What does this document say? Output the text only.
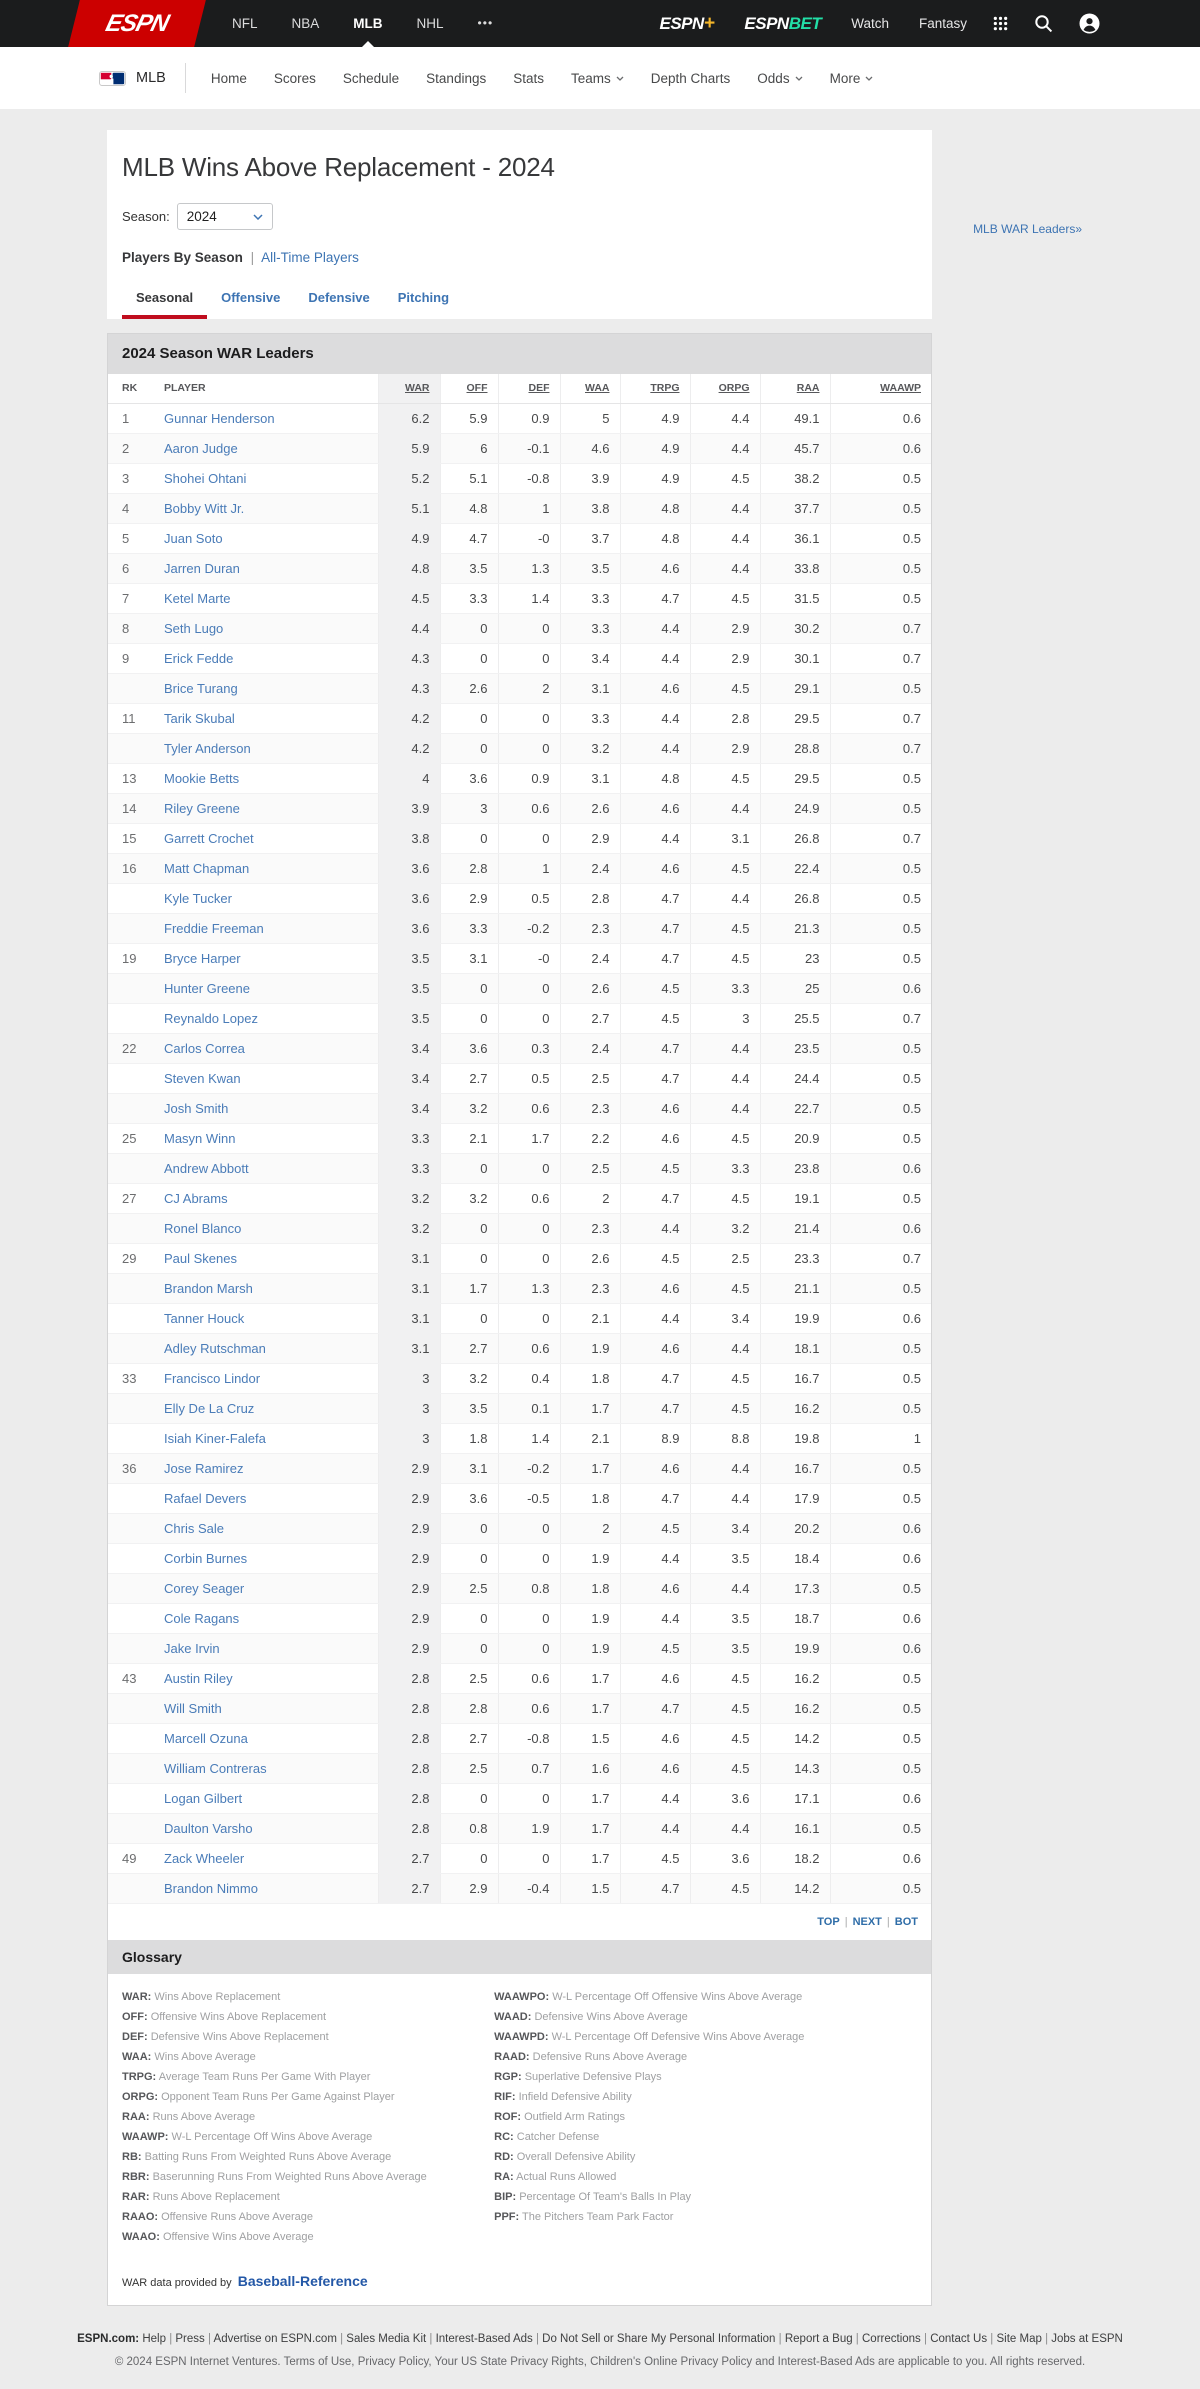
ESPN	NFL	NBA	MLB	NHL	•••	ESPN+ ESPNBET Watch Fantasy
MLB	Home Scores Schedule Standings Stats Teams	Depth Charts Odds	More
MLB WAR Leaders»
MLB Wins Above Replacement - 2024
Season: 2024
Players By Season | All-Time Players
Seasonal	Offensive	Defensive	Pitching
2024 Season WAR Leaders
RK	PLAYER	WAR	OFF	DEF	WAA	TRPG	ORPG	RAA	WAAWP
1	Gunnar Henderson	6.2	5.9	0.9	5	4.9	4.4	49.1	0.6
2	Aaron Judge	5.9	6	-0.1	4.6	4.9	4.4	45.7	0.6
3	Shohei Ohtani	5.2	5.1	-0.8	3.9	4.9	4.5	38.2	0.5
4	Bobby Witt Jr.	5.1	4.8	1	3.8	4.8	4.4	37.7	0.5
5	Juan Soto	4.9	4.7	-0	3.7	4.8	4.4	36.1	0.5
6	Jarren Duran	4.8	3.5	1.3	3.5	4.6	4.4	33.8	0.5
7	Ketel Marte	4.5	3.3	1.4	3.3	4.7	4.5	31.5	0.5
8	Seth Lugo	4.4	0	0	3.3	4.4	2.9	30.2	0.7
9	Erick Fedde	4.3	0	0	3.4	4.4	2.9	30.1	0.7
	Brice Turang	4.3	2.6	2	3.1	4.6	4.5	29.1	0.5
11	Tarik Skubal	4.2	0	0	3.3	4.4	2.8	29.5	0.7
	Tyler Anderson	4.2	0	0	3.2	4.4	2.9	28.8	0.7
13	Mookie Betts	4	3.6	0.9	3.1	4.8	4.5	29.5	0.5
14	Riley Greene	3.9	3	0.6	2.6	4.6	4.4	24.9	0.5
15	Garrett Crochet	3.8	0	0	2.9	4.4	3.1	26.8	0.7
16	Matt Chapman	3.6	2.8	1	2.4	4.6	4.5	22.4	0.5
	Kyle Tucker	3.6	2.9	0.5	2.8	4.7	4.4	26.8	0.5
	Freddie Freeman	3.6	3.3	-0.2	2.3	4.7	4.5	21.3	0.5
19	Bryce Harper	3.5	3.1	-0	2.4	4.7	4.5	23	0.5
	Hunter Greene	3.5	0	0	2.6	4.5	3.3	25	0.6
	Reynaldo Lopez	3.5	0	0	2.7	4.5	3	25.5	0.7
22	Carlos Correa	3.4	3.6	0.3	2.4	4.7	4.4	23.5	0.5
	Steven Kwan	3.4	2.7	0.5	2.5	4.7	4.4	24.4	0.5
	Josh Smith	3.4	3.2	0.6	2.3	4.6	4.4	22.7	0.5
25	Masyn Winn	3.3	2.1	1.7	2.2	4.6	4.5	20.9	0.5
	Andrew Abbott	3.3	0	0	2.5	4.5	3.3	23.8	0.6
27	CJ Abrams	3.2	3.2	0.6	2	4.7	4.5	19.1	0.5
	Ronel Blanco	3.2	0	0	2.3	4.4	3.2	21.4	0.6
29	Paul Skenes	3.1	0	0	2.6	4.5	2.5	23.3	0.7
	Brandon Marsh	3.1	1.7	1.3	2.3	4.6	4.5	21.1	0.5
	Tanner Houck	3.1	0	0	2.1	4.4	3.4	19.9	0.6
	Adley Rutschman	3.1	2.7	0.6	1.9	4.6	4.4	18.1	0.5
33	Francisco Lindor	3	3.2	0.4	1.8	4.7	4.5	16.7	0.5
	Elly De La Cruz	3	3.5	0.1	1.7	4.7	4.5	16.2	0.5
	Isiah Kiner-Falefa	3	1.8	1.4	2.1	8.9	8.8	19.8	1
36	Jose Ramirez	2.9	3.1	-0.2	1.7	4.6	4.4	16.7	0.5
	Rafael Devers	2.9	3.6	-0.5	1.8	4.7	4.4	17.9	0.5
	Chris Sale	2.9	0	0	2	4.5	3.4	20.2	0.6
	Corbin Burnes	2.9	0	0	1.9	4.4	3.5	18.4	0.6
	Corey Seager	2.9	2.5	0.8	1.8	4.6	4.4	17.3	0.5
	Cole Ragans	2.9	0	0	1.9	4.4	3.5	18.7	0.6
	Jake Irvin	2.9	0	0	1.9	4.5	3.5	19.9	0.6
43	Austin Riley	2.8	2.5	0.6	1.7	4.6	4.5	16.2	0.5
	Will Smith	2.8	2.8	0.6	1.7	4.7	4.5	16.2	0.5
	Marcell Ozuna	2.8	2.7	-0.8	1.5	4.6	4.5	14.2	0.5
	William Contreras	2.8	2.5	0.7	1.6	4.6	4.5	14.3	0.5
	Logan Gilbert	2.8	0	0	1.7	4.4	3.6	17.1	0.6
	Daulton Varsho	2.8	0.8	1.9	1.7	4.4	4.4	16.1	0.5
49	Zack Wheeler	2.7	0	0	1.7	4.5	3.6	18.2	0.6
	Brandon Nimmo	2.7	2.9	-0.4	1.5	4.7	4.5	14.2	0.5
TOP | NEXT | BOT
Glossary
WAR: Wins Above Replacement
OFF: Offensive Wins Above Replacement
DEF: Defensive Wins Above Replacement
WAA: Wins Above Average
TRPG: Average Team Runs Per Game With Player
ORPG: Opponent Team Runs Per Game Against Player
RAA: Runs Above Average
WAAWP: W-L Percentage Off Wins Above Average
RB: Batting Runs From Weighted Runs Above Average
RBR: Baserunning Runs From Weighted Runs Above Average
RAR: Runs Above Replacement
RAAO: Offensive Runs Above Average
WAAO: Offensive Wins Above Average
WAAWPO: W-L Percentage Off Offensive Wins Above Average
WAAD: Defensive Wins Above Average
WAAWPD: W-L Percentage Off Defensive Wins Above Average
RAAD: Defensive Runs Above Average
RGP: Superlative Defensive Plays
RIF: Infield Defensive Ability
ROF: Outfield Arm Ratings
RC: Catcher Defense
RD: Overall Defensive Ability
RA: Actual Runs Allowed
BIP: Percentage Of Team's Balls In Play
PPF: The Pitchers Team Park Factor
WAR data provided by Baseball-Reference
ESPN.com: Help | Press | Advertise on ESPN.com | Sales Media Kit | Interest-Based Ads | Do Not Sell or Share My Personal Information | Report a Bug | Corrections | Contact Us | Site Map | Jobs at ESPN
© 2024 ESPN Internet Ventures. Terms of Use, Privacy Policy, Your US State Privacy Rights, Children's Online Privacy Policy and Interest-Based Ads are applicable to you. All rights reserved.
